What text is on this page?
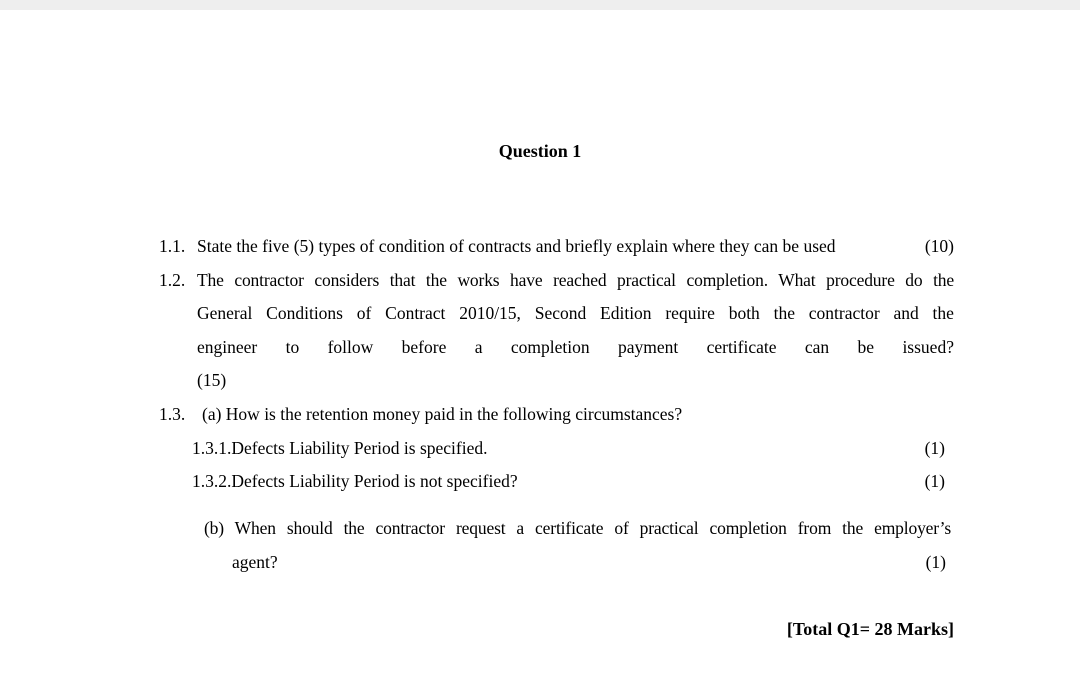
Question 1
1.1. State the five (5) types of condition of contracts and briefly explain where they can be used	(10)
1.2. The contractor considers that the works have reached practical completion. What procedure do the
General Conditions of Contract 2010/15, Second Edition require both the contractor and the
engineer to follow before a completion payment certificate can be issued?
(15)
1.3. (a) How is the retention money paid in the following circumstances?
1.3.1.Defects Liability Period is specified.	(1)
1.3.2.Defects Liability Period is not specified?	(1)
(b) When should the contractor request a certificate of practical completion from the employer’s
agent?	(1)
[Total Q1= 28 Marks]
